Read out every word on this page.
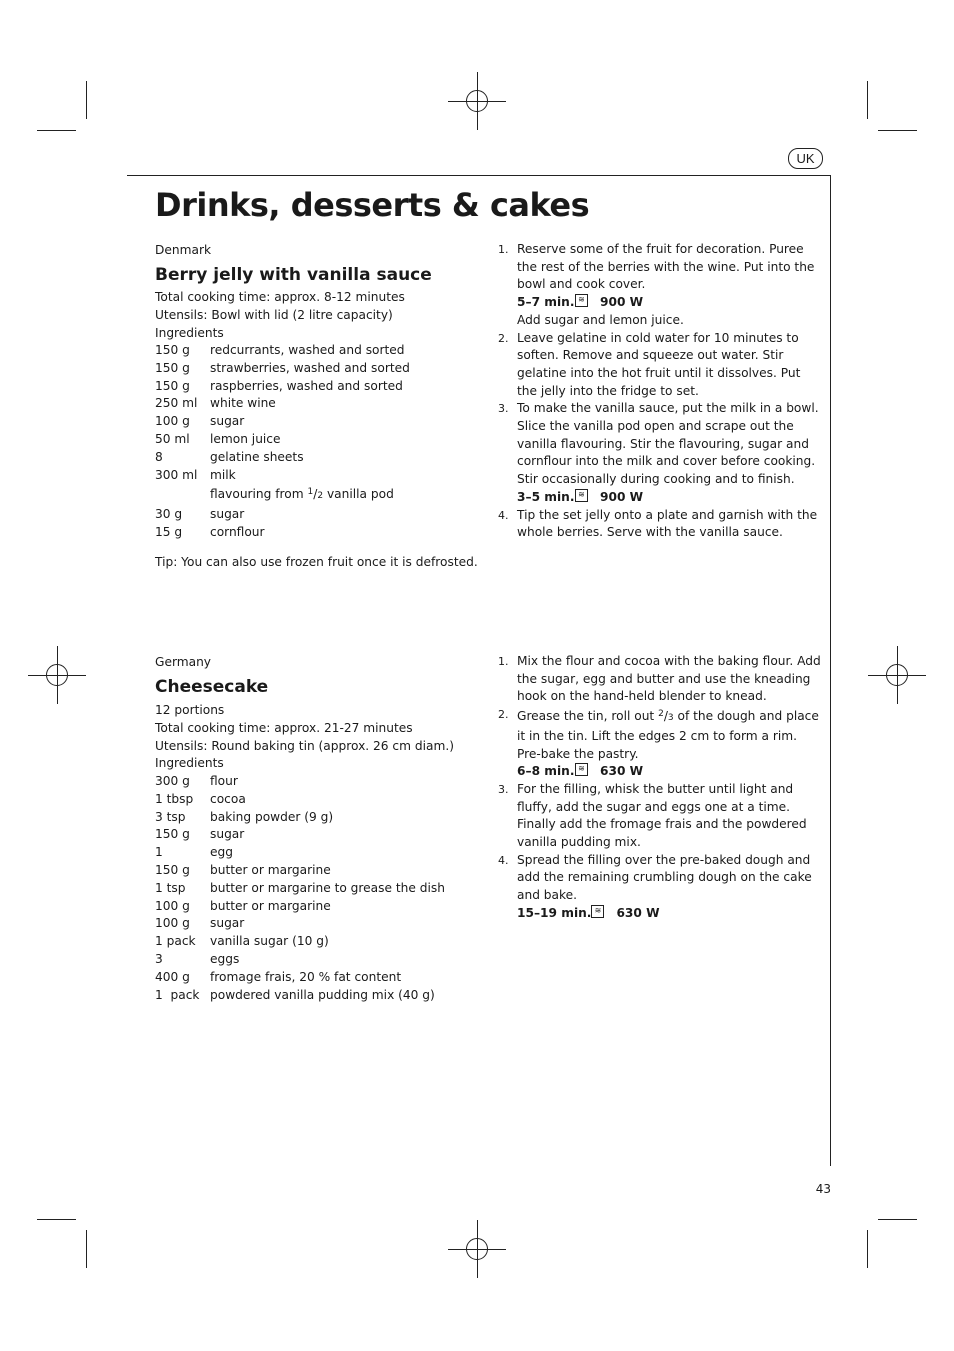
UK
Drinks, desserts & cakes
Denmark
Berry jelly with vanilla sauce
Total cooking time: approx. 8-12 minutes
Utensils: Bowl with lid (2 litre capacity)
Ingredients
150 g redcurrants, washed and sorted
150 g strawberries, washed and sorted
150 g raspberries, washed and sorted
250 ml white wine
100 g sugar
50 ml lemon juice
8	gelatine sheets
300 ml milk
flavouring from $^1$/2 vanilla pod
30 g sugar
15 g cornflour
Tip: You can also use frozen fruit once it is defrosted.
1. Reserve some of the fruit for decoration. Puree the rest of the berries with the wine. Put into the bowl and cook cover.
5–7 min. ≋ 900 W
Add sugar and lemon juice.
2. Leave gelatine in cold water for 10 minutes to soften. Remove and squeeze out water. Stir gelatine into the hot fruit until it dissolves. Put the jelly into the fridge to set.
3. To make the vanilla sauce, put the milk in a bowl. Slice the vanilla pod open and scrape out the vanilla flavouring. Stir the flavouring, sugar and cornflour into the milk and cover before cooking. Stir occasionally during cooking and to finish.
3–5 min. ≋ 900 W
4. Tip the set jelly onto a plate and garnish with the whole berries. Serve with the vanilla sauce.
Germany
Cheesecake
12 portions
Total cooking time: approx. 21-27 minutes
Utensils: Round baking tin (approx. 26 cm diam.)
Ingredients
300 g flour
1 tbsp cocoa
3 tsp baking powder (9 g)
150 g sugar
1	egg
150 g butter or margarine
1 tsp butter or margarine to grease the dish
100 g butter or margarine
100 g sugar
1 pack vanilla sugar (10 g)
3	eggs
400 g fromage frais, 20 % fat content
1  pack powdered vanilla pudding mix (40 g)
1. Mix the flour and cocoa with the baking flour. Add the sugar, egg and butter and use the kneading hook on the hand-held blender to knead.
2. Grease the tin, roll out $^2$/3 of the dough and place it in the tin. Lift the edges 2 cm to form a rim. Pre-bake the pastry.
6–8 min. ≋ 630 W
3. For the filling, whisk the butter until light and fluffy, add the sugar and eggs one at a time. Finally add the fromage frais and the powdered vanilla pudding mix.
4. Spread the filling over the pre-baked dough and add the remaining crumbling dough on the cake and bake.
15–19 min. ≋ 630 W
43
